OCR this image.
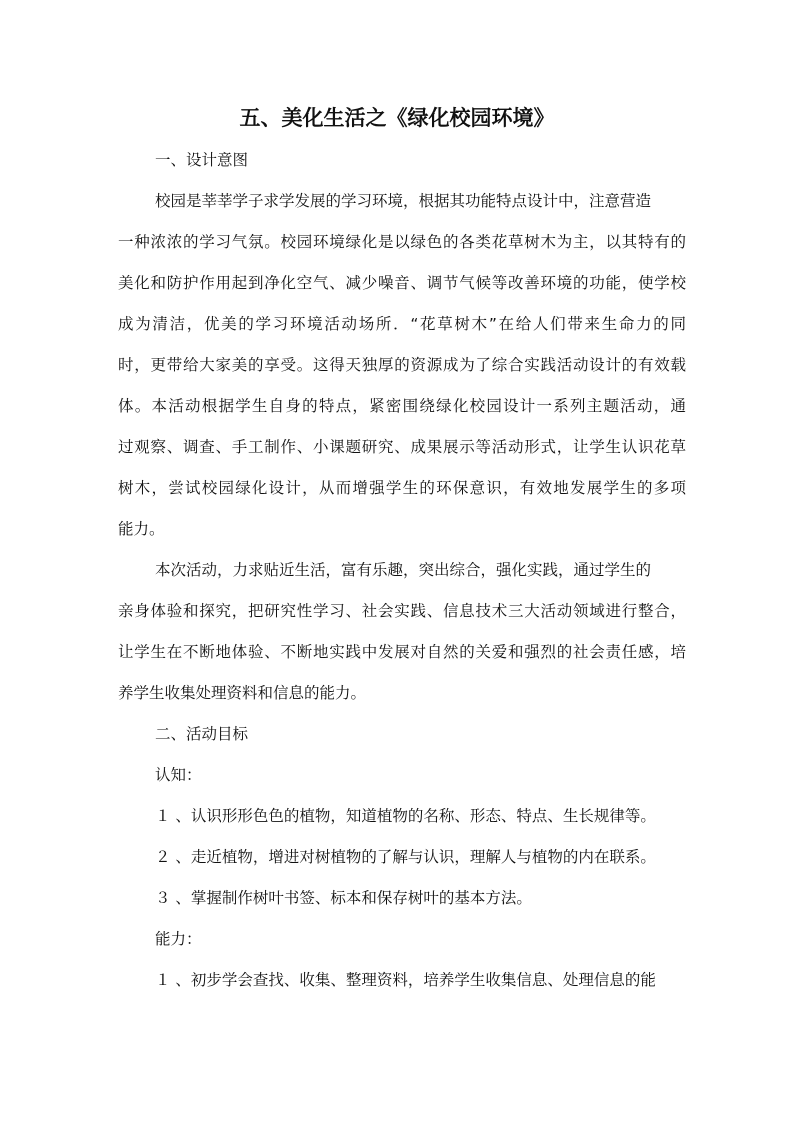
五、美化生活之《绿化校园环境》
一、设计意图
校园是莘莘学子求学发展的学习环境，根据其功能特点设计中，注意营造
一种浓浓的学习气氛。校园环境绿化是以绿色的各类花草树木为主，以其特有的
美化和防护作用起到净化空气、减少噪音、调节气候等改善环境的功能，使学校
成为清洁，优美的学习环境活动场所．“花草树木”在给人们带来生命力的同
时，更带给大家美的享受。这得天独厚的资源成为了综合实践活动设计的有效载
体。本活动根据学生自身的特点，紧密围绕绿化校园设计一系列主题活动，通
过观察、调查、手工制作、小课题研究、成果展示等活动形式，让学生认识花草
树木，尝试校园绿化设计，从而增强学生的环保意识，有效地发展学生的多项
能力。
本次活动，力求贴近生活，富有乐趣，突出综合，强化实践，通过学生的
亲身体验和探究，把研究性学习、社会实践、信息技术三大活动领域进行整合，
让学生在不断地体验、不断地实践中发展对自然的关爱和强烈的社会责任感，培
养学生收集处理资料和信息的能力。
二、活动目标
认知：
１ 、认识形形色色的植物，知道植物的名称、形态、特点、生长规律等。
２ 、走近植物，增进对树植物的了解与认识，理解人与植物的内在联系。
３ 、掌握制作树叶书签、标本和保存树叶的基本方法。
能力：
１ 、初步学会查找、收集、整理资料，培养学生收集信息、处理信息的能
